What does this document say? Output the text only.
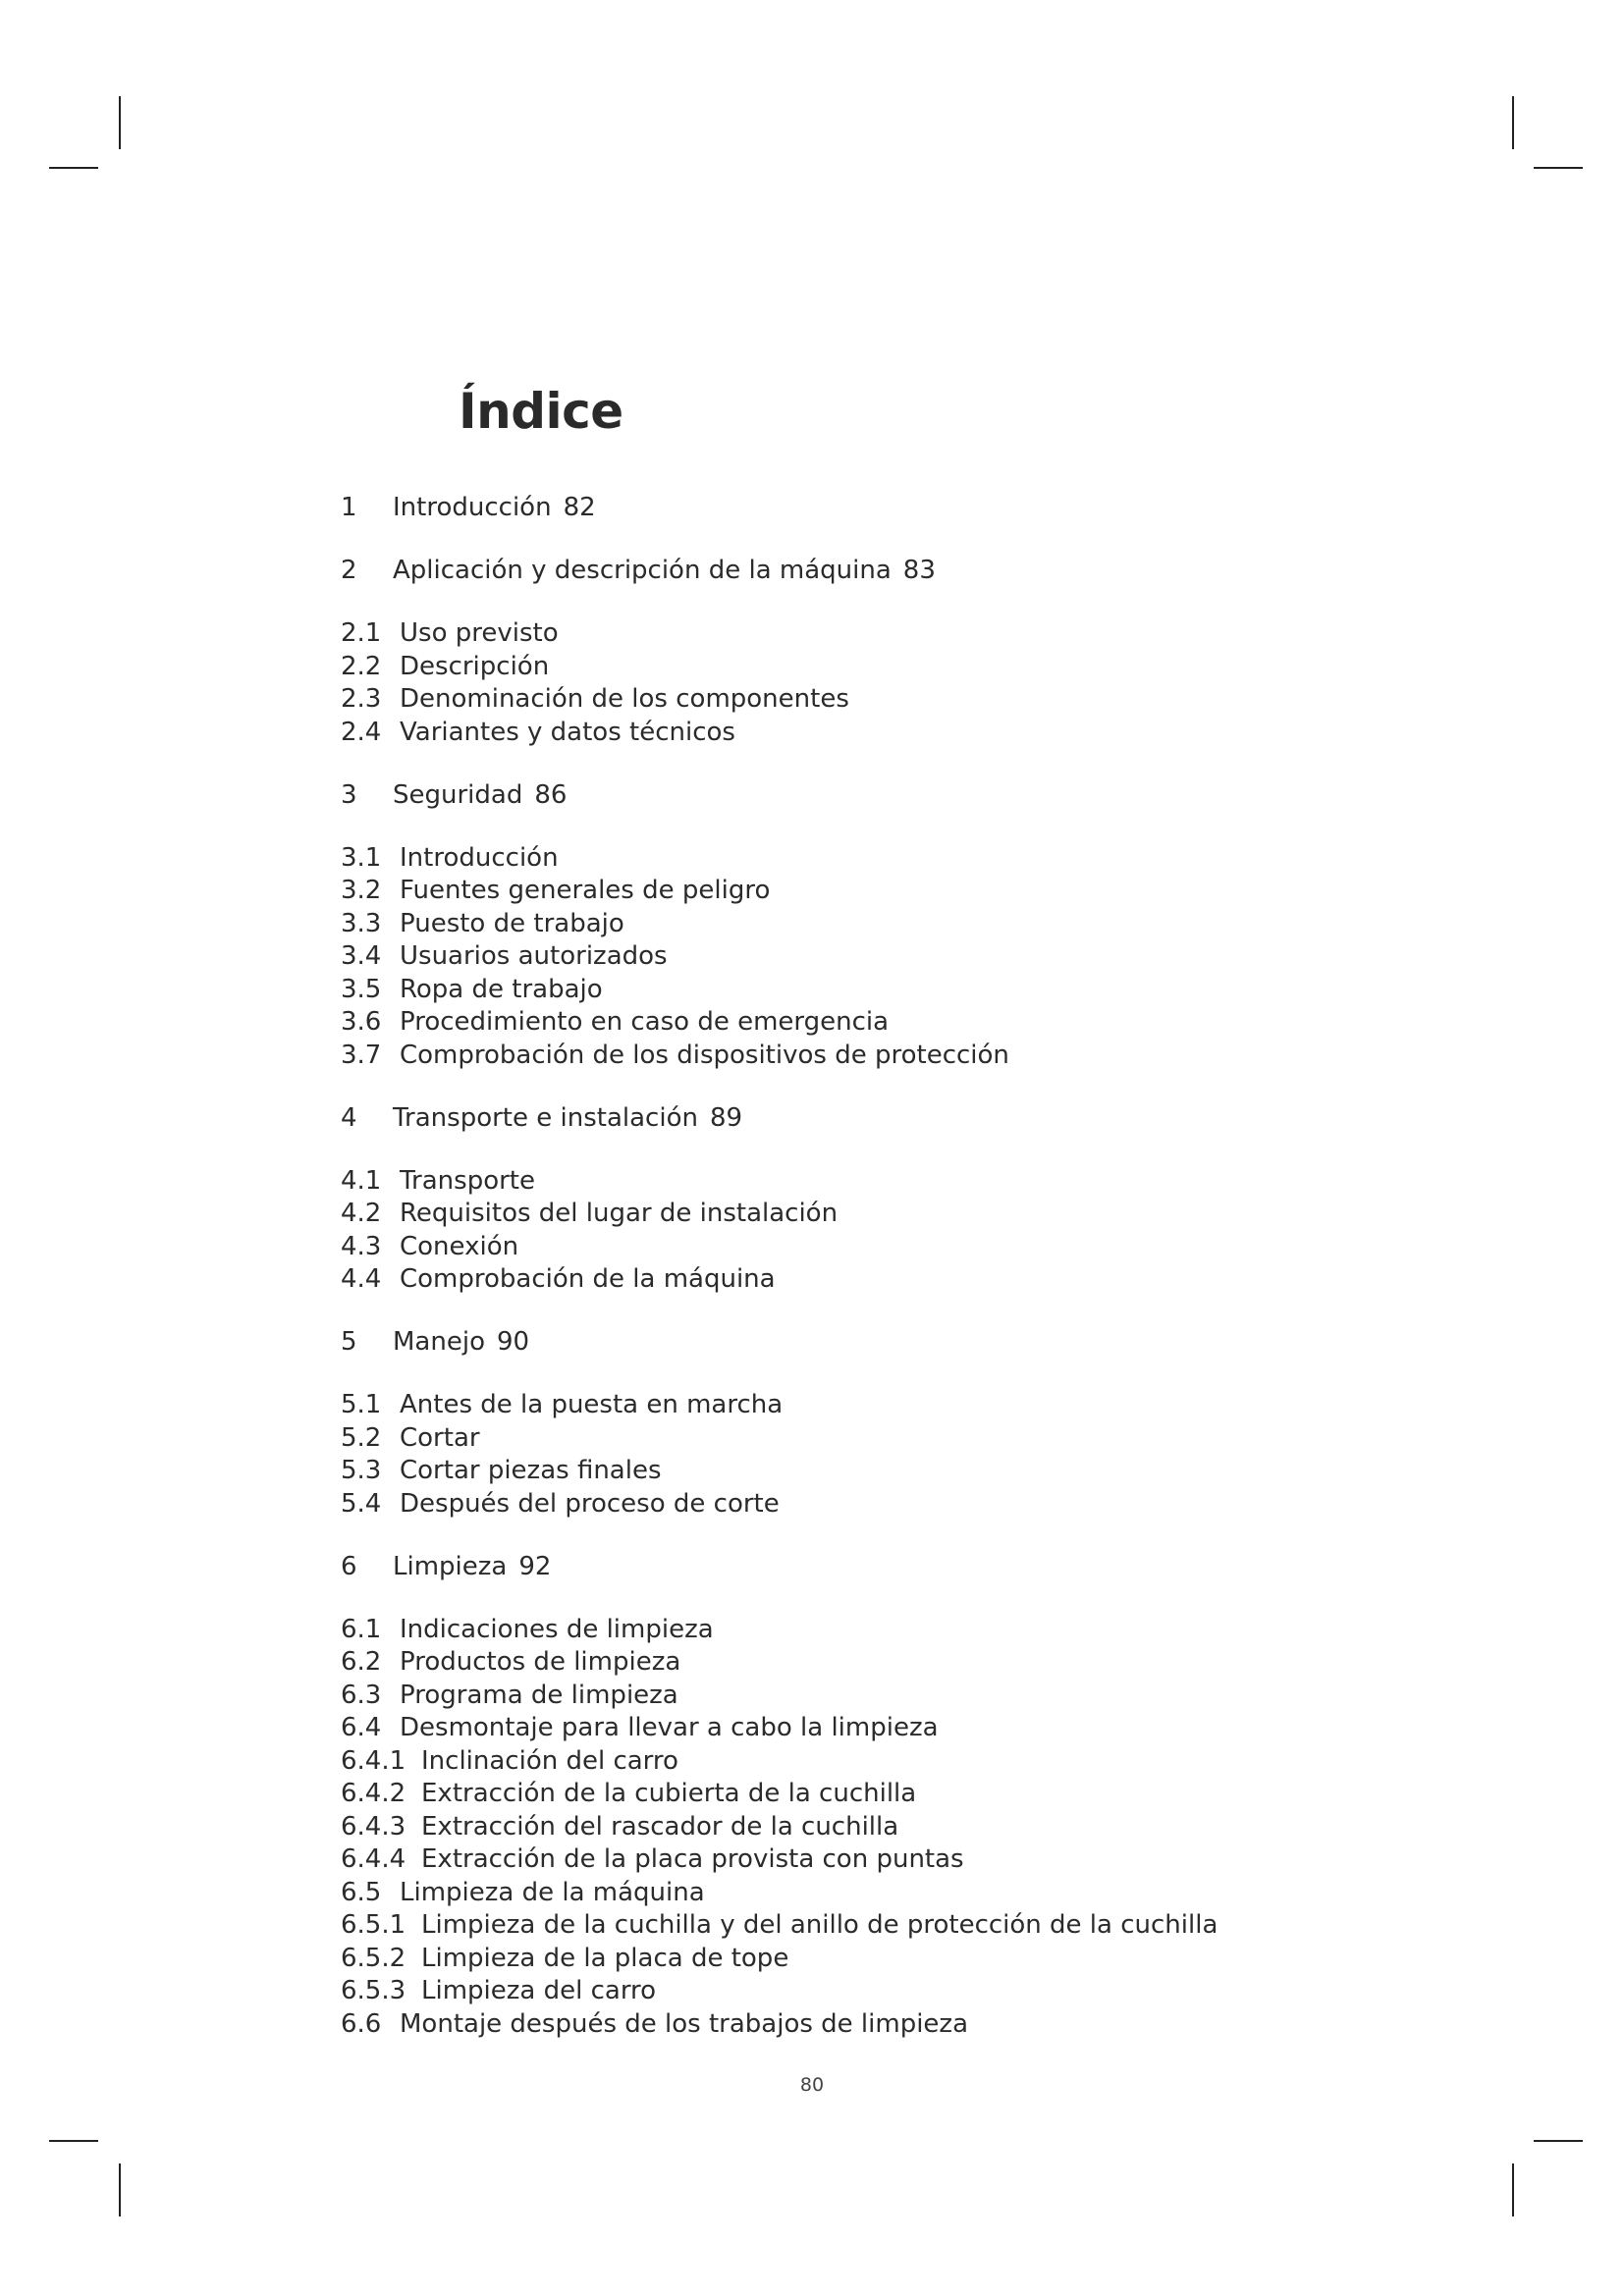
Índice
1 Introducción 82
2 Aplicación y descripción de la máquina 83
2.1 Uso previsto
2.2 Descripción
2.3 Denominación de los componentes
2.4 Variantes y datos técnicos
3 Seguridad 86
3.1 Introducción
3.2 Fuentes generales de peligro
3.3 Puesto de trabajo
3.4 Usuarios autorizados
3.5 Ropa de trabajo
3.6 Procedimiento en caso de emergencia
3.7 Comprobación de los dispositivos de protección
4 Transporte e instalación 89
4.1 Transporte
4.2 Requisitos del lugar de instalación
4.3 Conexión
4.4 Comprobación de la máquina
5 Manejo 90
5.1 Antes de la puesta en marcha
5.2 Cortar
5.3 Cortar piezas finales
5.4 Después del proceso de corte
6 Limpieza 92
6.1 Indicaciones de limpieza
6.2 Productos de limpieza
6.3 Programa de limpieza
6.4 Desmontaje para llevar a cabo la limpieza
6.4.1 Inclinación del carro
6.4.2 Extracción de la cubierta de la cuchilla
6.4.3 Extracción del rascador de la cuchilla
6.4.4 Extracción de la placa provista con puntas
6.5 Limpieza de la máquina
6.5.1 Limpieza de la cuchilla y del anillo de protección de la cuchilla
6.5.2 Limpieza de la placa de tope
6.5.3 Limpieza del carro
6.6 Montaje después de los trabajos de limpieza
80
